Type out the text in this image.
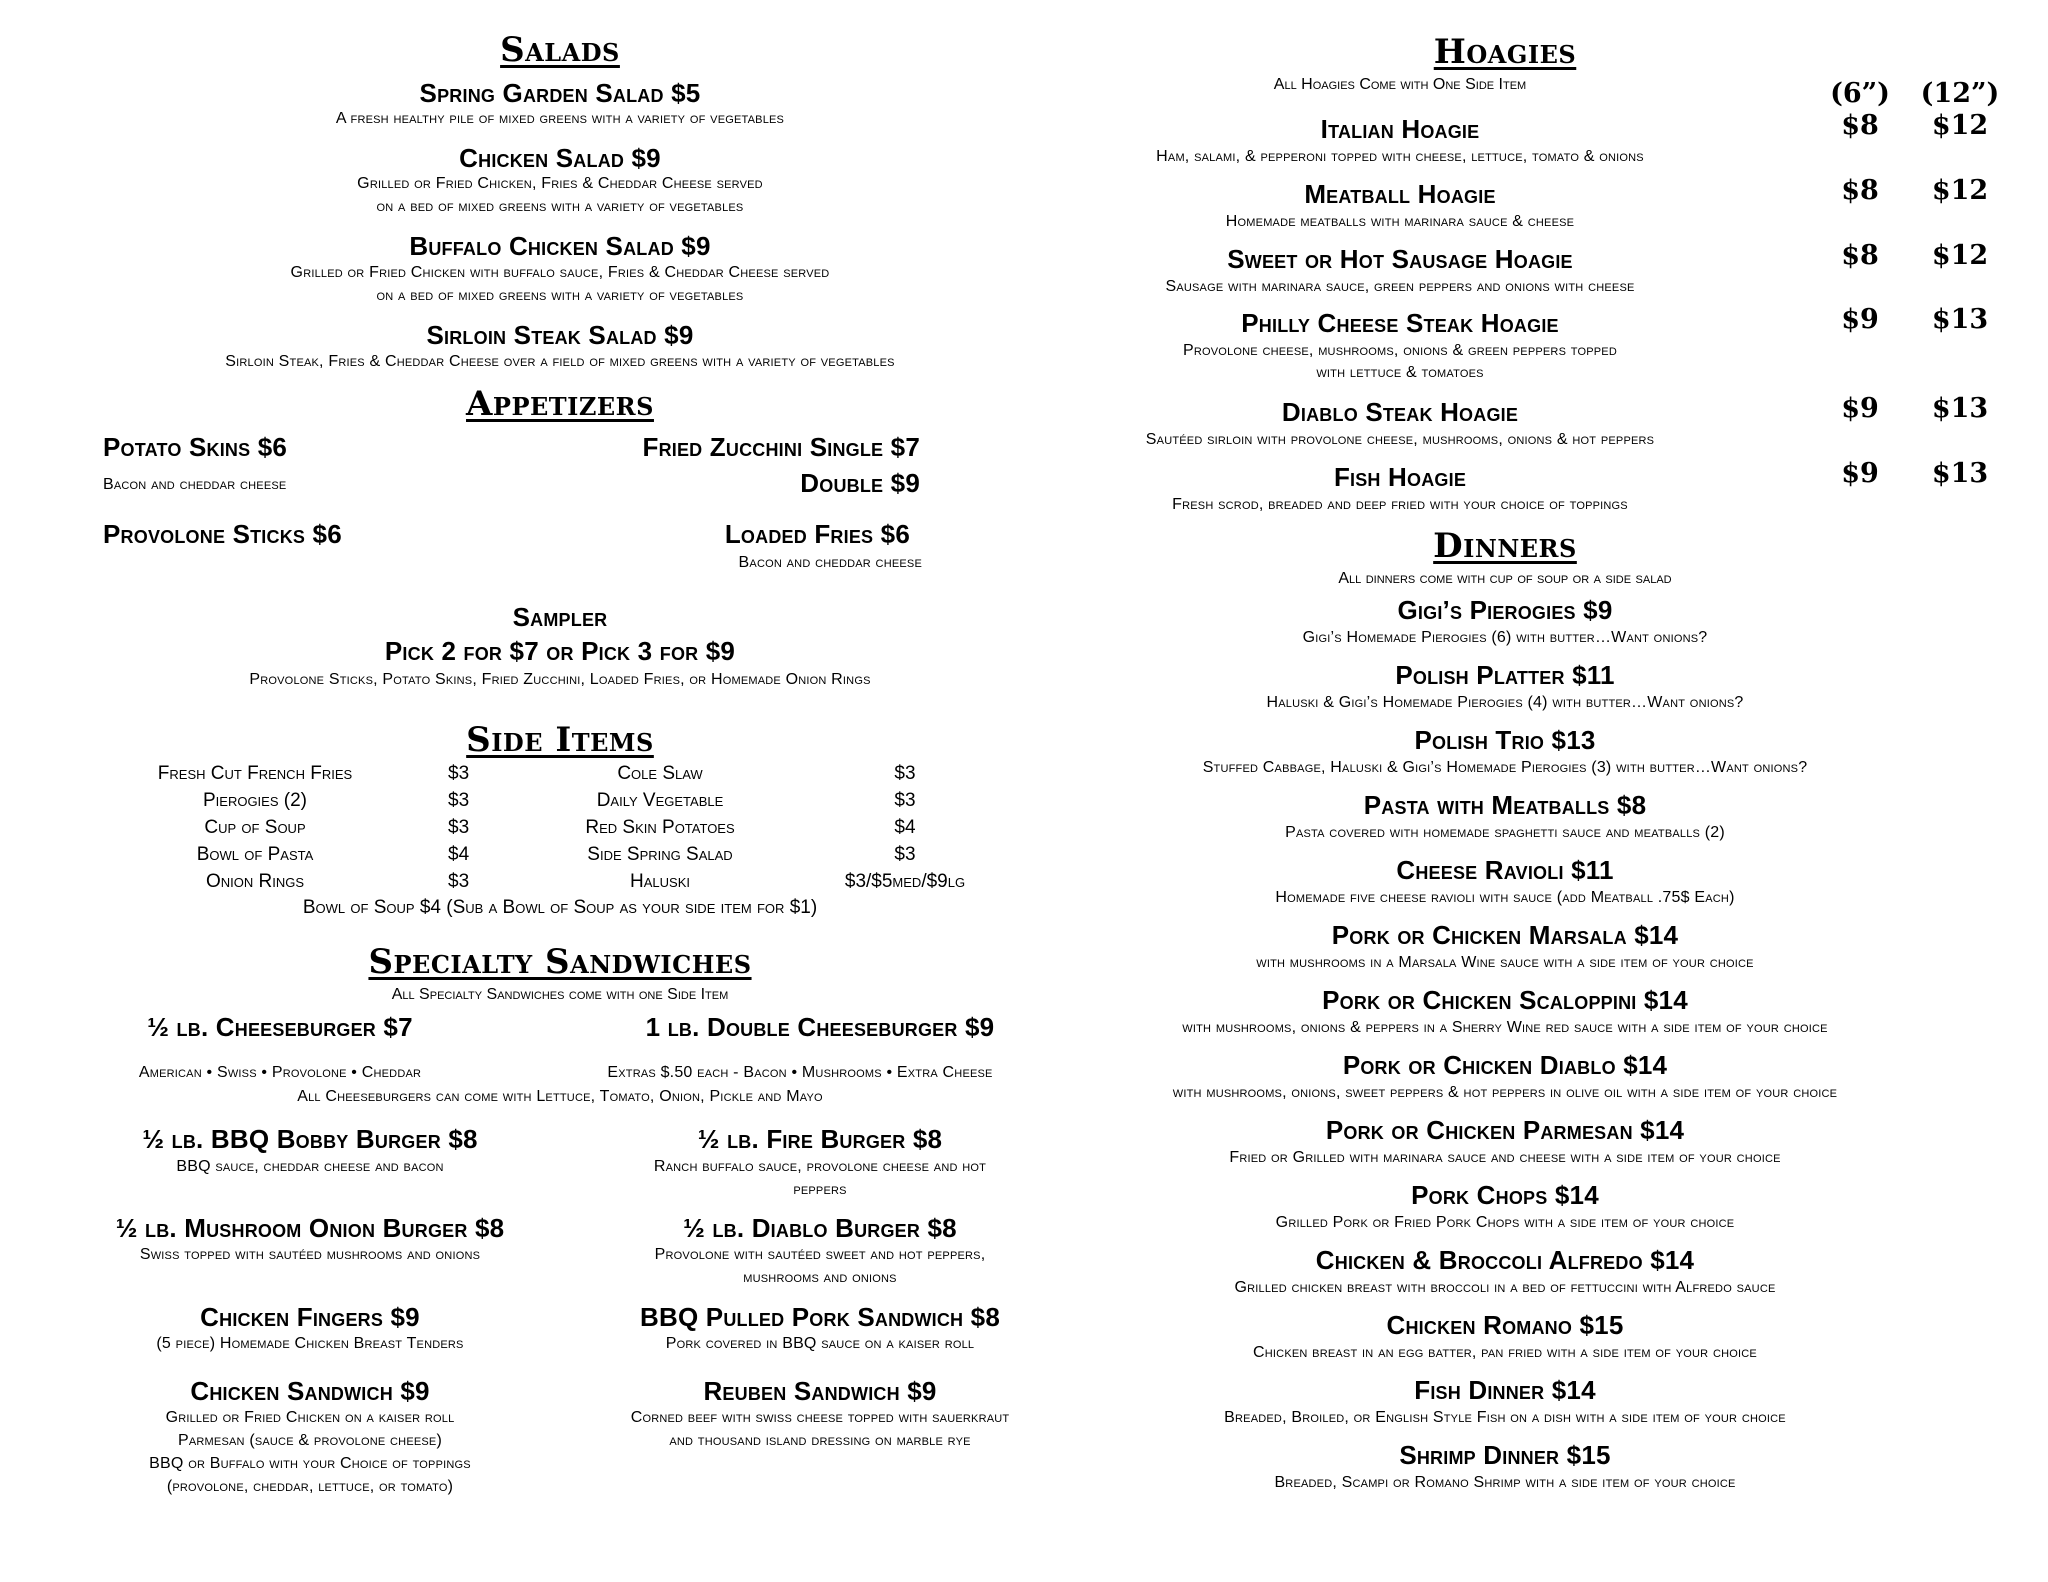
Salads
Spring Garden Salad $5
A fresh healthy pile of mixed greens with a variety of vegetables
Chicken Salad $9
Grilled or Fried Chicken, Fries & Cheddar Cheese served
on a bed of mixed greens with a variety of vegetables
Buffalo Chicken Salad $9
Grilled or Fried Chicken with buffalo sauce, Fries & Cheddar Cheese served
on a bed of mixed greens with a variety of vegetables
Sirloin Steak Salad $9
Sirloin Steak, Fries & Cheddar Cheese over a field of mixed greens with a variety of vegetables
Appetizers
Potato Skins $6
Bacon and cheddar cheese
Fried Zucchini Single $7
Double $9
Provolone Sticks $6	Loaded Fries $6
Bacon and cheddar cheese
Sampler
Pick 2 for $7 or Pick 3 for $9
Provolone Sticks, Potato Skins, Fried Zucchini, Loaded Fries, or Homemade Onion Rings
Side Items
Fresh Cut French Fries	$3	Cole Slaw	$3
Pierogies (2)	$3	Daily Vegetable	$3
Cup of Soup	$3	Red Skin Potatoes	$4
Bowl of Pasta	$4	Side Spring Salad	$3
Onion Rings	$3	Haluski	$3/$5med/$9lg
Bowl of Soup $4 (Sub a Bowl of Soup as your side item for $1)
Specialty Sandwiches
All Specialty Sandwiches come with one Side Item
½ lb. Cheeseburger $7	1 lb. Double Cheeseburger $9
American • Swiss • Provolone • Cheddar	Extras $.50 each - Bacon • Mushrooms • Extra Cheese
All Cheeseburgers can come with Lettuce, Tomato, Onion, Pickle and Mayo
½ lb. BBQ Bobby Burger $8
BBQ sauce, cheddar cheese and bacon
½ lb. Fire Burger $8
Ranch buffalo sauce, provolone cheese and hot
peppers
½ lb. Mushroom Onion Burger $8
Swiss topped with sautéed mushrooms and onions
½ lb. Diablo Burger $8
Provolone with sautéed sweet and hot peppers,
mushrooms and onions
Chicken Fingers $9
(5 piece) Homemade Chicken Breast Tenders
BBQ Pulled Pork Sandwich $8
Pork covered in BBQ sauce on a kaiser roll
Chicken Sandwich $9
Grilled or Fried Chicken on a kaiser roll
Parmesan (sauce & provolone cheese)
BBQ or Buffalo with your Choice of toppings
(provolone, cheddar, lettuce, or tomato)
Reuben Sandwich $9
Corned beef with swiss cheese topped with sauerkraut
and thousand island dressing on marble rye
Hoagies
All Hoagies Come with One Side Item	(6”)	(12”)
Italian Hoagie
Ham, salami, & pepperoni topped with cheese, lettuce, tomato & onions
$8	$12
Meatball Hoagie
Homemade meatballs with marinara sauce & cheese
$8	$12
Sweet or Hot Sausage Hoagie
Sausage with marinara sauce, green peppers and onions with cheese
$8	$12
Philly Cheese Steak Hoagie
Provolone cheese, mushrooms, onions & green peppers topped
with lettuce & tomatoes
$9	$13
Diablo Steak Hoagie
Sautéed sirloin with provolone cheese, mushrooms, onions & hot peppers
$9	$13
Fish Hoagie
Fresh scrod, breaded and deep fried with your choice of toppings
$9	$13
Dinners
All dinners come with cup of soup or a side salad
Gigi’s Pierogies $9
Gigi’s Homemade Pierogies (6) with butter…Want onions?
Polish Platter $11
Haluski & Gigi’s Homemade Pierogies (4) with butter…Want onions?
Polish Trio $13
Stuffed Cabbage, Haluski & Gigi’s Homemade Pierogies (3) with butter…Want onions?
Pasta with Meatballs $8
Pasta covered with homemade spaghetti sauce and meatballs (2)
Cheese Ravioli $11
Homemade five cheese ravioli with sauce (add Meatball .75$ Each)
Pork or Chicken Marsala $14
with mushrooms in a Marsala Wine sauce with a side item of your choice
Pork or Chicken Scaloppini $14
with mushrooms, onions & peppers in a Sherry Wine red sauce with a side item of your choice
Pork or Chicken Diablo $14
with mushrooms, onions, sweet peppers & hot peppers in olive oil with a side item of your choice
Pork or Chicken Parmesan $14
Fried or Grilled with marinara sauce and cheese with a side item of your choice
Pork Chops $14
Grilled Pork or Fried Pork Chops with a side item of your choice
Chicken & Broccoli Alfredo $14
Grilled chicken breast with broccoli in a bed of fettuccini with Alfredo sauce
Chicken Romano $15
Chicken breast in an egg batter, pan fried with a side item of your choice
Fish Dinner $14
Breaded, Broiled, or English Style Fish on a dish with a side item of your choice
Shrimp Dinner $15
Breaded, Scampi or Romano Shrimp with a side item of your choice
